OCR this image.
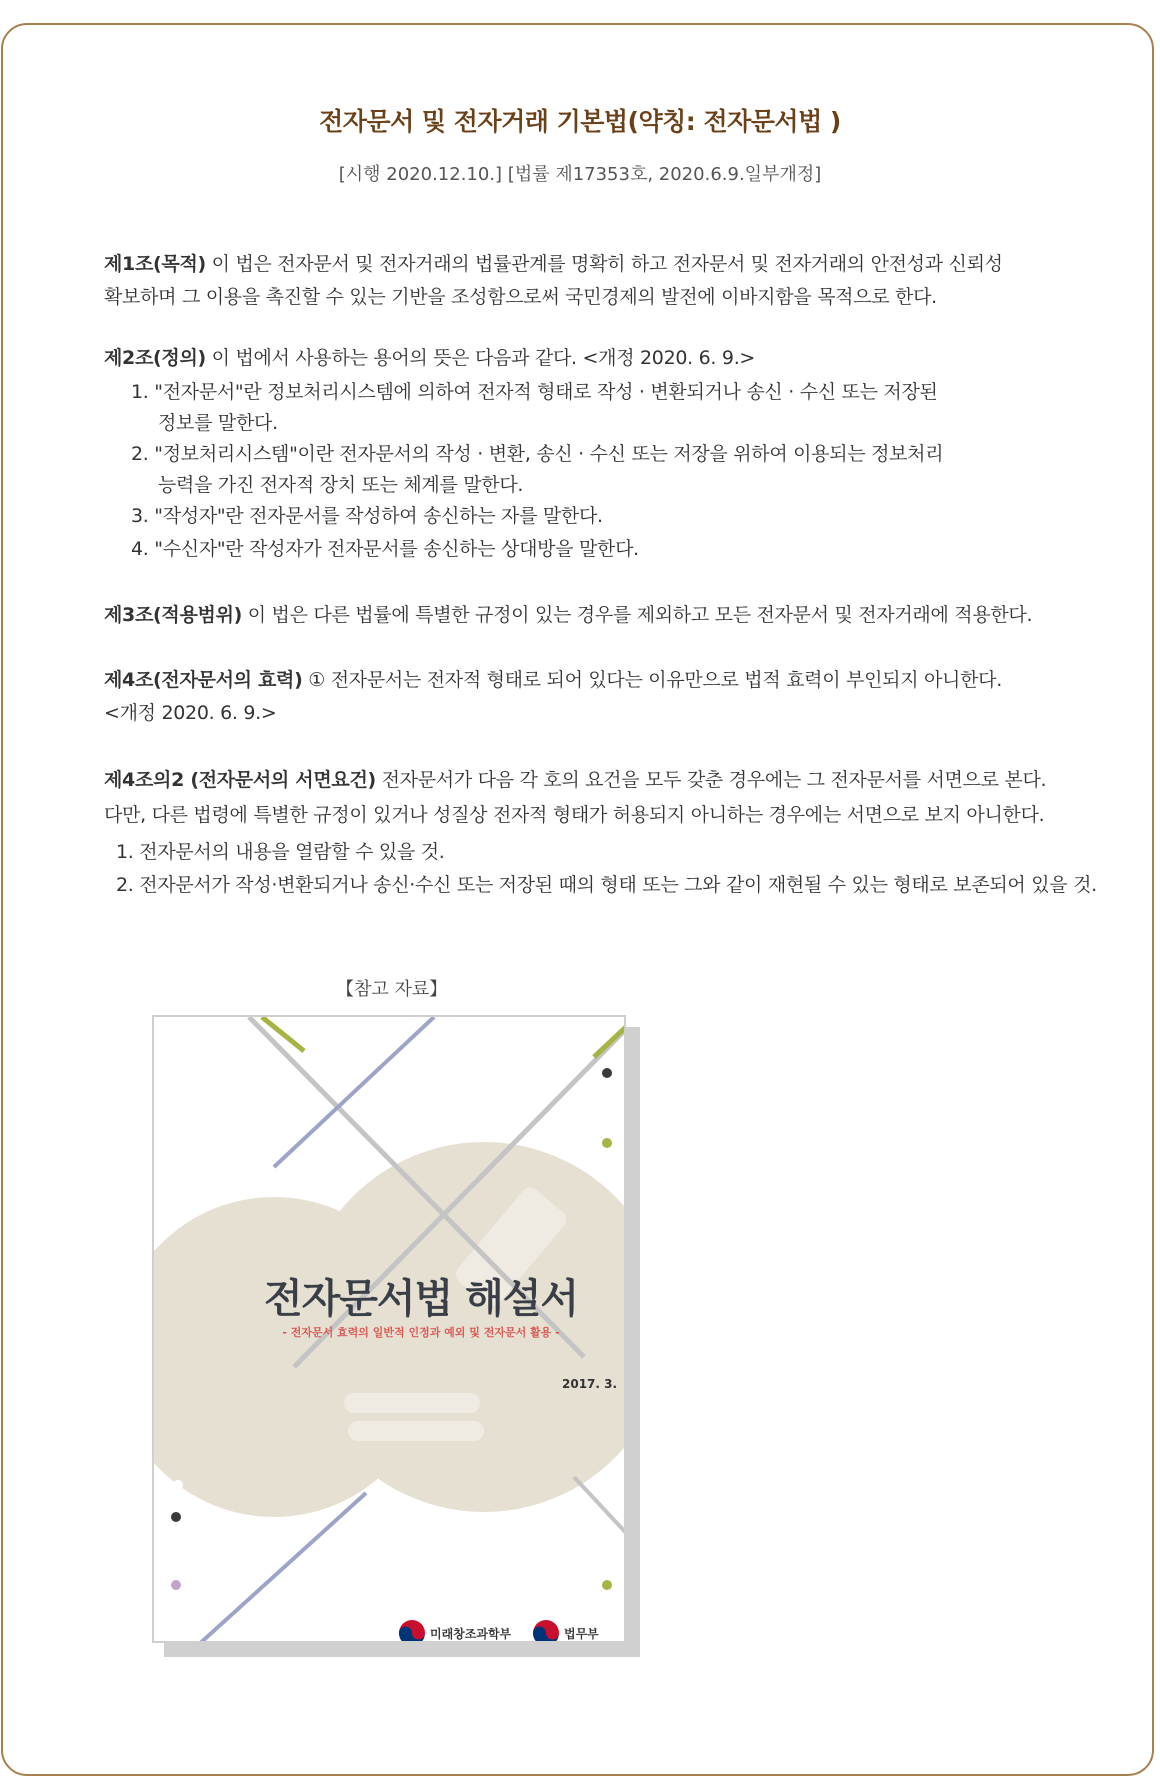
전자문서 및 전자거래 기본법(약칭: 전자문서법 )
[시행 2020.12.10.] [법률 제17353호, 2020.6.9.일부개정]
제1조(목적) 이 법은 전자문서 및 전자거래의 법률관계를 명확히 하고 전자문서 및 전자거래의 안전성과 신뢰성
확보하며 그 이용을 촉진할 수 있는 기반을 조성함으로써 국민경제의 발전에 이바지함을 목적으로 한다.
제2조(정의) 이 법에서 사용하는 용어의 뜻은 다음과 같다. <개정 2020. 6. 9.>
1. "전자문서"란 정보처리시스템에 의하여 전자적 형태로 작성 · 변환되거나 송신 · 수신 또는 저장된
정보를 말한다.
2. "정보처리시스템"이란 전자문서의 작성 · 변환, 송신 · 수신 또는 저장을 위하여 이용되는 정보처리
능력을 가진 전자적 장치 또는 체계를 말한다.
3. "작성자"란 전자문서를 작성하여 송신하는 자를 말한다.
4. "수신자"란 작성자가 전자문서를 송신하는 상대방을 말한다.
제3조(적용범위) 이 법은 다른 법률에 특별한 규정이 있는 경우를 제외하고 모든 전자문서 및 전자거래에 적용한다.
제4조(전자문서의 효력) ① 전자문서는 전자적 형태로 되어 있다는 이유만으로 법적 효력이 부인되지 아니한다.
<개정 2020. 6. 9.>
제4조의2 (전자문서의 서면요건) 전자문서가 다음 각 호의 요건을 모두 갖춘 경우에는 그 전자문서를 서면으로 본다.
다만, 다른 법령에 특별한 규정이 있거나 성질상 전자적 형태가 허용되지 아니하는 경우에는 서면으로 보지 아니한다.
1. 전자문서의 내용을 열람할 수 있을 것.
2. 전자문서가 작성·변환되거나 송신·수신 또는 저장된 때의 형태 또는 그와 같이 재현될 수 있는 형태로 보존되어 있을 것.
【참고 자료】
전자문서법 해설서
- 전자문서 효력의 일반적 인정과 예외 및 전자문서 활용 -
2017. 3.
미래창조과학부	법무부
